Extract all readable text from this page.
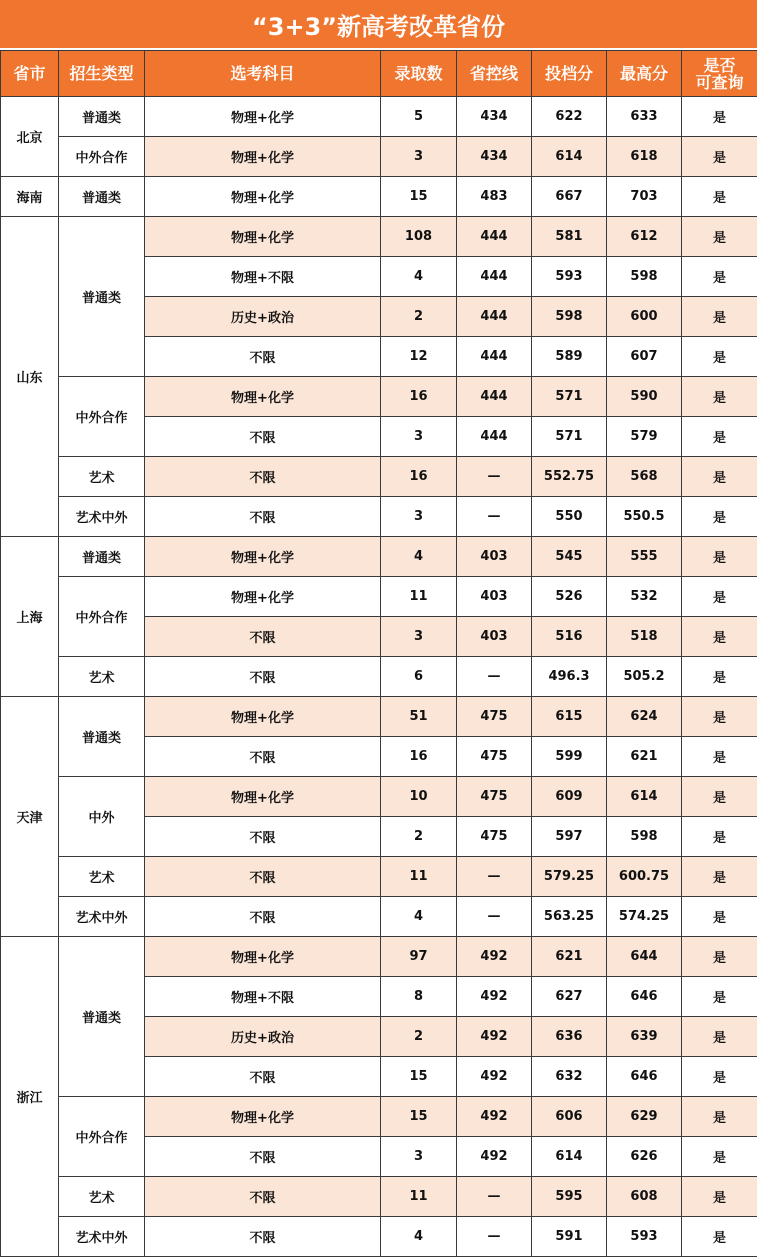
“3+3”新高考改革省份
省市	招生类型	选考科目	录取数	省控线	投档分	最高分	是否
可查询

北京	普通类	物理+化学	5	434	622	633	是
	中外合作	物理+化学	3	434	614	618	是
海南	普通类	物理+化学	15	483	667	703	是
山东	普通类	物理+化学	108	444	581	612	是
		物理+不限	4	444	593	598	是
		历史+政治	2	444	598	600	是
		不限	12	444	589	607	是
	中外合作	物理+化学	16	444	571	590	是
		不限	3	444	571	579	是
	艺术	不限	16	—	552.75	568	是
	艺术中外	不限	3	—	550	550.5	是
上海	普通类	物理+化学	4	403	545	555	是
	中外合作	物理+化学	11	403	526	532	是
		不限	3	403	516	518	是
	艺术	不限	6	—	496.3	505.2	是
天津	普通类	物理+化学	51	475	615	624	是
		不限	16	475	599	621	是
	中外	物理+化学	10	475	609	614	是
		不限	2	475	597	598	是
	艺术	不限	11	—	579.25	600.75	是
	艺术中外	不限	4	—	563.25	574.25	是
浙江	普通类	物理+化学	97	492	621	644	是
		物理+不限	8	492	627	646	是
		历史+政治	2	492	636	639	是
		不限	15	492	632	646	是
	中外合作	物理+化学	15	492	606	629	是
		不限	3	492	614	626	是
	艺术	不限	11	—	595	608	是
	艺术中外	不限	4	—	591	593	是
